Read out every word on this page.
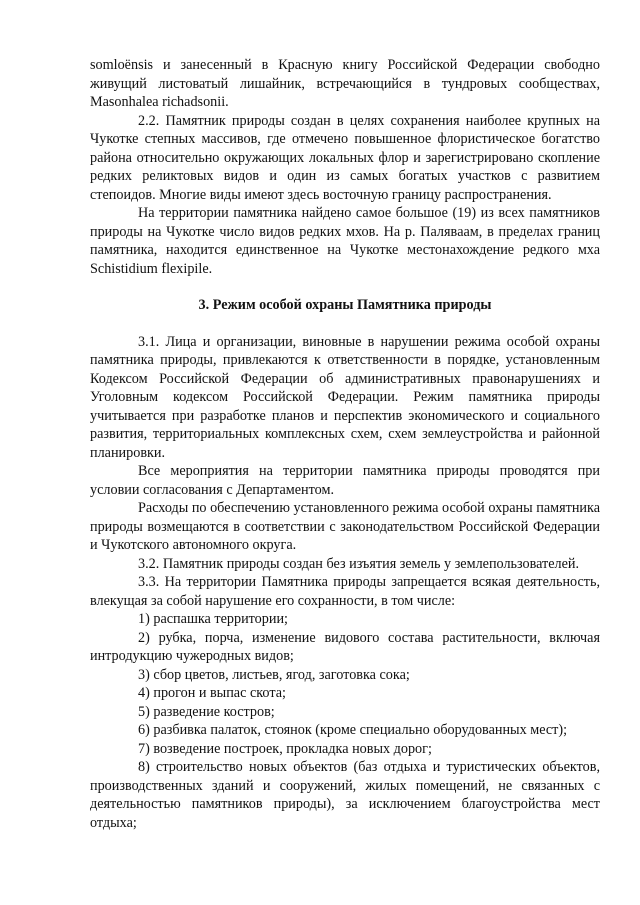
somloënsis и занесенный в Красную книгу Российской Федерации свободно живущий листоватый лишайник, встречающийся в тундровых сообществах, Masonhalea richadsonii.

2.2. Памятник природы создан в целях сохранения наиболее крупных на Чукотке степных массивов, где отмечено повышенное флористическое богатство района относительно окружающих локальных флор и зарегистрировано скопление редких реликтовых видов и один из самых богатых участков с развитием степоидов. Многие виды имеют здесь восточную границу распространения.

На территории памятника найдено самое большое (19) из всех памятников природы на Чукотке число видов редких мхов. На р. Палявaам, в пределах границ памятника, находится единственное на Чукотке местонахождение редкого мха Schistidium flexipile.

3. Режим особой охраны Памятника природы

3.1. Лица и организации, виновные в нарушении режима особой охраны памятника природы, привлекаются к ответственности в порядке, установленным Кодексом Российской Федерации об административных правонарушениях и Уголовным кодексом Российской Федерации. Режим памятника природы учитывается при разработке планов и перспектив экономического и социального развития, территориальных комплексных схем, схем землеустройства и районной планировки.

Все мероприятия на территории памятника природы проводятся при условии согласования с Департаментом.

Расходы по обеспечению установленного режима особой охраны памятника природы возмещаются в соответствии с законодательством Российской Федерации и Чукотского автономного округа.

3.2. Памятник природы создан без изъятия земель у землепользователей.

3.3. На территории Памятника природы запрещается всякая деятельность, влекущая за собой нарушение его сохранности, в том числе:

1) распашка территории;

2) рубка, порча, изменение видового состава растительности, включая интродукцию чужеродных видов;

3) сбор цветов, листьев, ягод, заготовка сока;

4) прогон и выпас скота;

5) разведение костров;

6) разбивка палаток, стоянок (кроме специально оборудованных мест);

7) возведение построек, прокладка новых дорог;

8) строительство новых объектов (баз отдыха и туристических объектов, производственных зданий и сооружений, жилых помещений, не связанных с деятельностью памятников природы), за исключением благоустройства мест отдыха;
